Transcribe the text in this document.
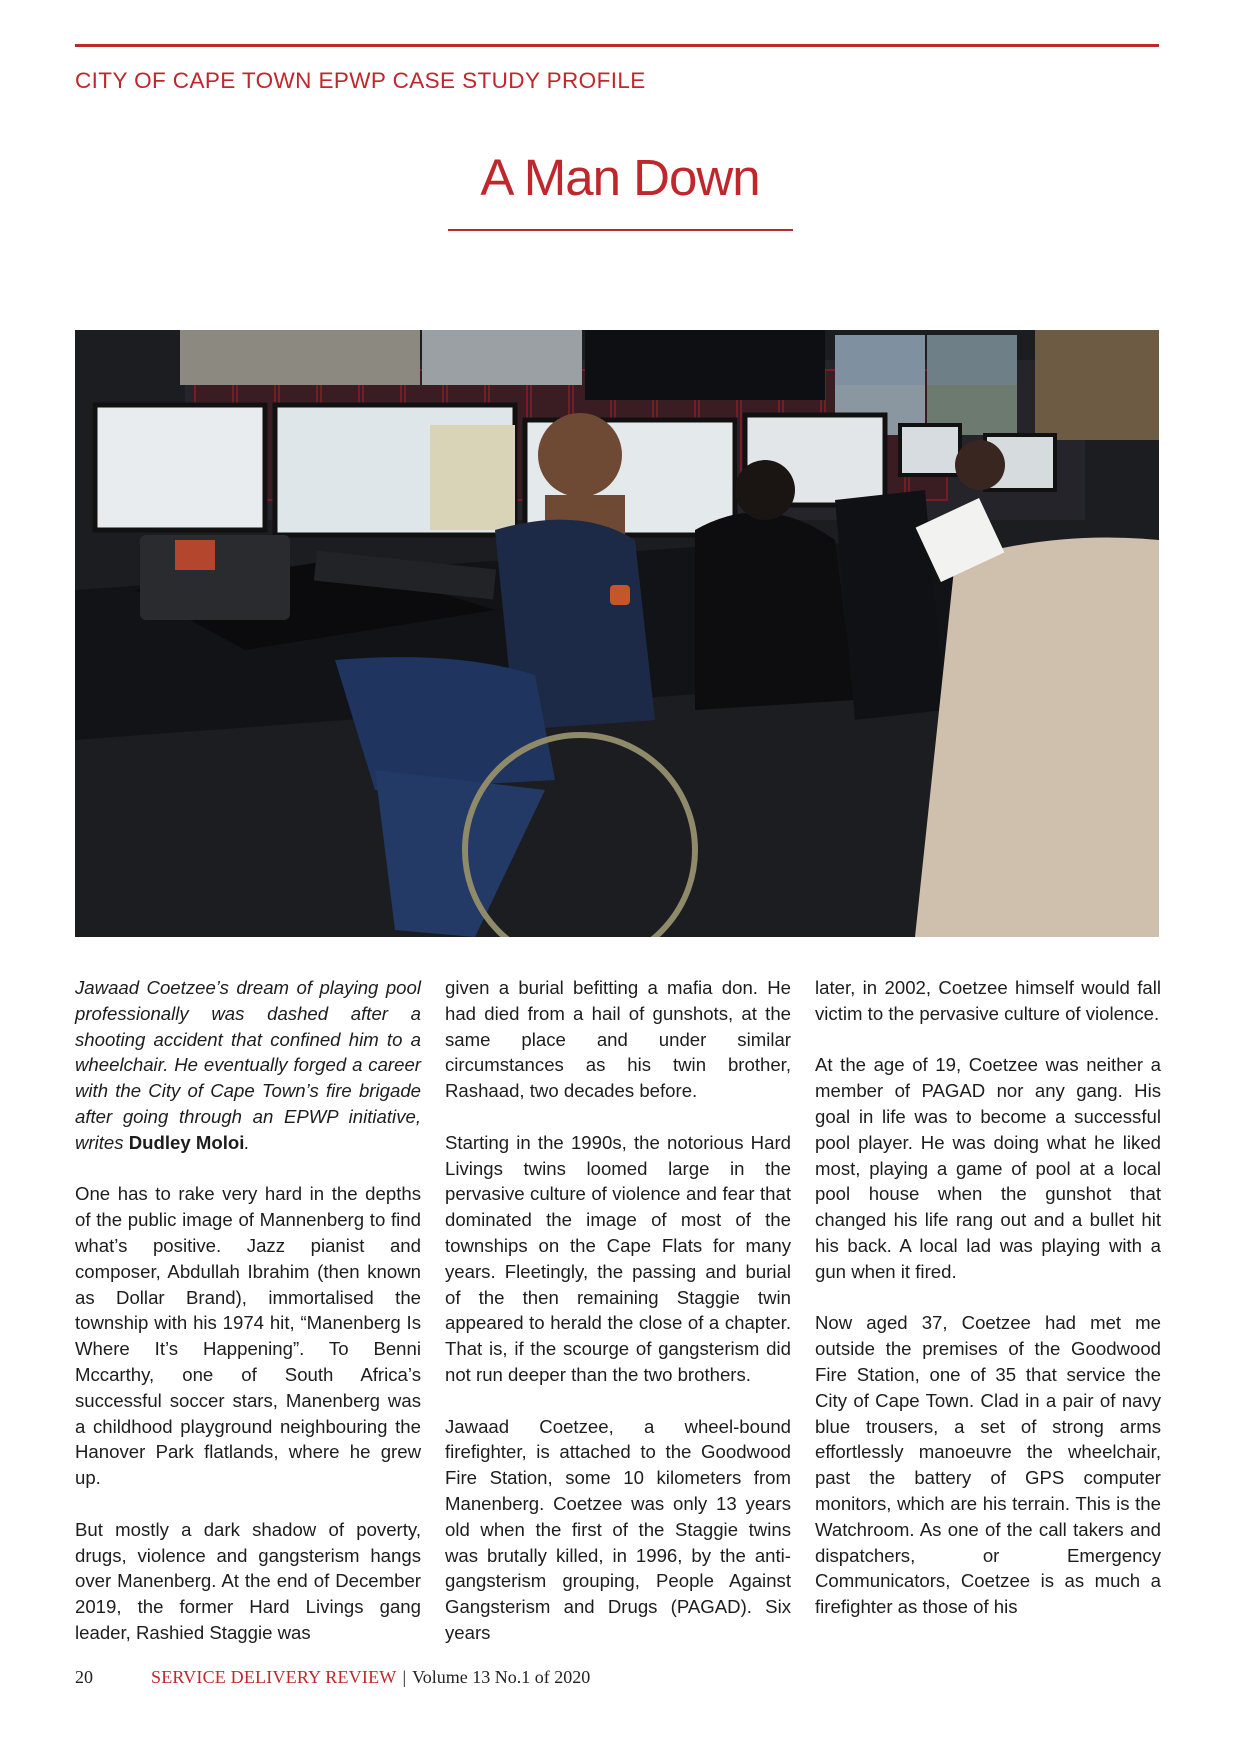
CITY OF CAPE TOWN EPWP CASE STUDY PROFILE
A Man Down

Jawaad Coetzee’s dream of playing pool professionally was dashed after a shooting accident that confined him to a wheelchair. He eventually forged a career with the City of Cape Town’s fire brigade after going through an EPWP initiative, writes Dudley Moloi.

One has to rake very hard in the depths of the public image of Mannenberg to find what’s positive. Jazz pianist and composer, Abdullah Ibrahim (then known as Dollar Brand), immortalised the township with his 1974 hit, “Manenberg Is Where It’s Happening”. To Benni Mccarthy, one of South Africa’s successful soccer stars, Manenberg was a childhood playground neighbouring the Hanover Park flatlands, where he grew up.

But mostly a dark shadow of poverty, drugs, violence and gangsterism hangs over Manenberg. At the end of December 2019, the former Hard Livings gang leader, Rashied Staggie was

given a burial befitting a mafia don. He had died from a hail of gunshots, at the same place and under similar circumstances as his twin brother, Rashaad, two decades before.

Starting in the 1990s, the notorious Hard Livings twins loomed large in the pervasive culture of violence and fear that dominated the image of most of the townships on the Cape Flats for many years. Fleetingly, the passing and burial of the then remaining Staggie twin appeared to herald the close of a chapter. That is, if the scourge of gangsterism did not run deeper than the two brothers.

Jawaad Coetzee, a wheel-bound firefighter, is attached to the Goodwood Fire Station, some 10 kilometers from Manenberg. Coetzee was only 13 years old when the first of the Staggie twins was brutally killed, in 1996, by the anti-gangsterism grouping, People Against Gangsterism and Drugs (PAGAD). Six years

later, in 2002, Coetzee himself would fall victim to the pervasive culture of violence.

At the age of 19, Coetzee was neither a member of PAGAD nor any gang. His goal in life was to become a successful pool player. He was doing what he liked most, playing a game of pool at a local pool house when the gunshot that changed his life rang out and a bullet hit his back. A local lad was playing with a gun when it fired.

Now aged 37, Coetzee had met me outside the premises of the Goodwood Fire Station, one of 35 that service the City of Cape Town. Clad in a pair of navy blue trousers, a set of strong arms effortlessly manoeuvre the wheelchair, past the battery of GPS computer monitors, which are his terrain. This is the Watchroom. As one of the call takers and dispatchers, or Emergency Communicators, Coetzee is as much a firefighter as those of his

20	SERVICE DELIVERY REVIEW | Volume 13 No.1 of 2020
